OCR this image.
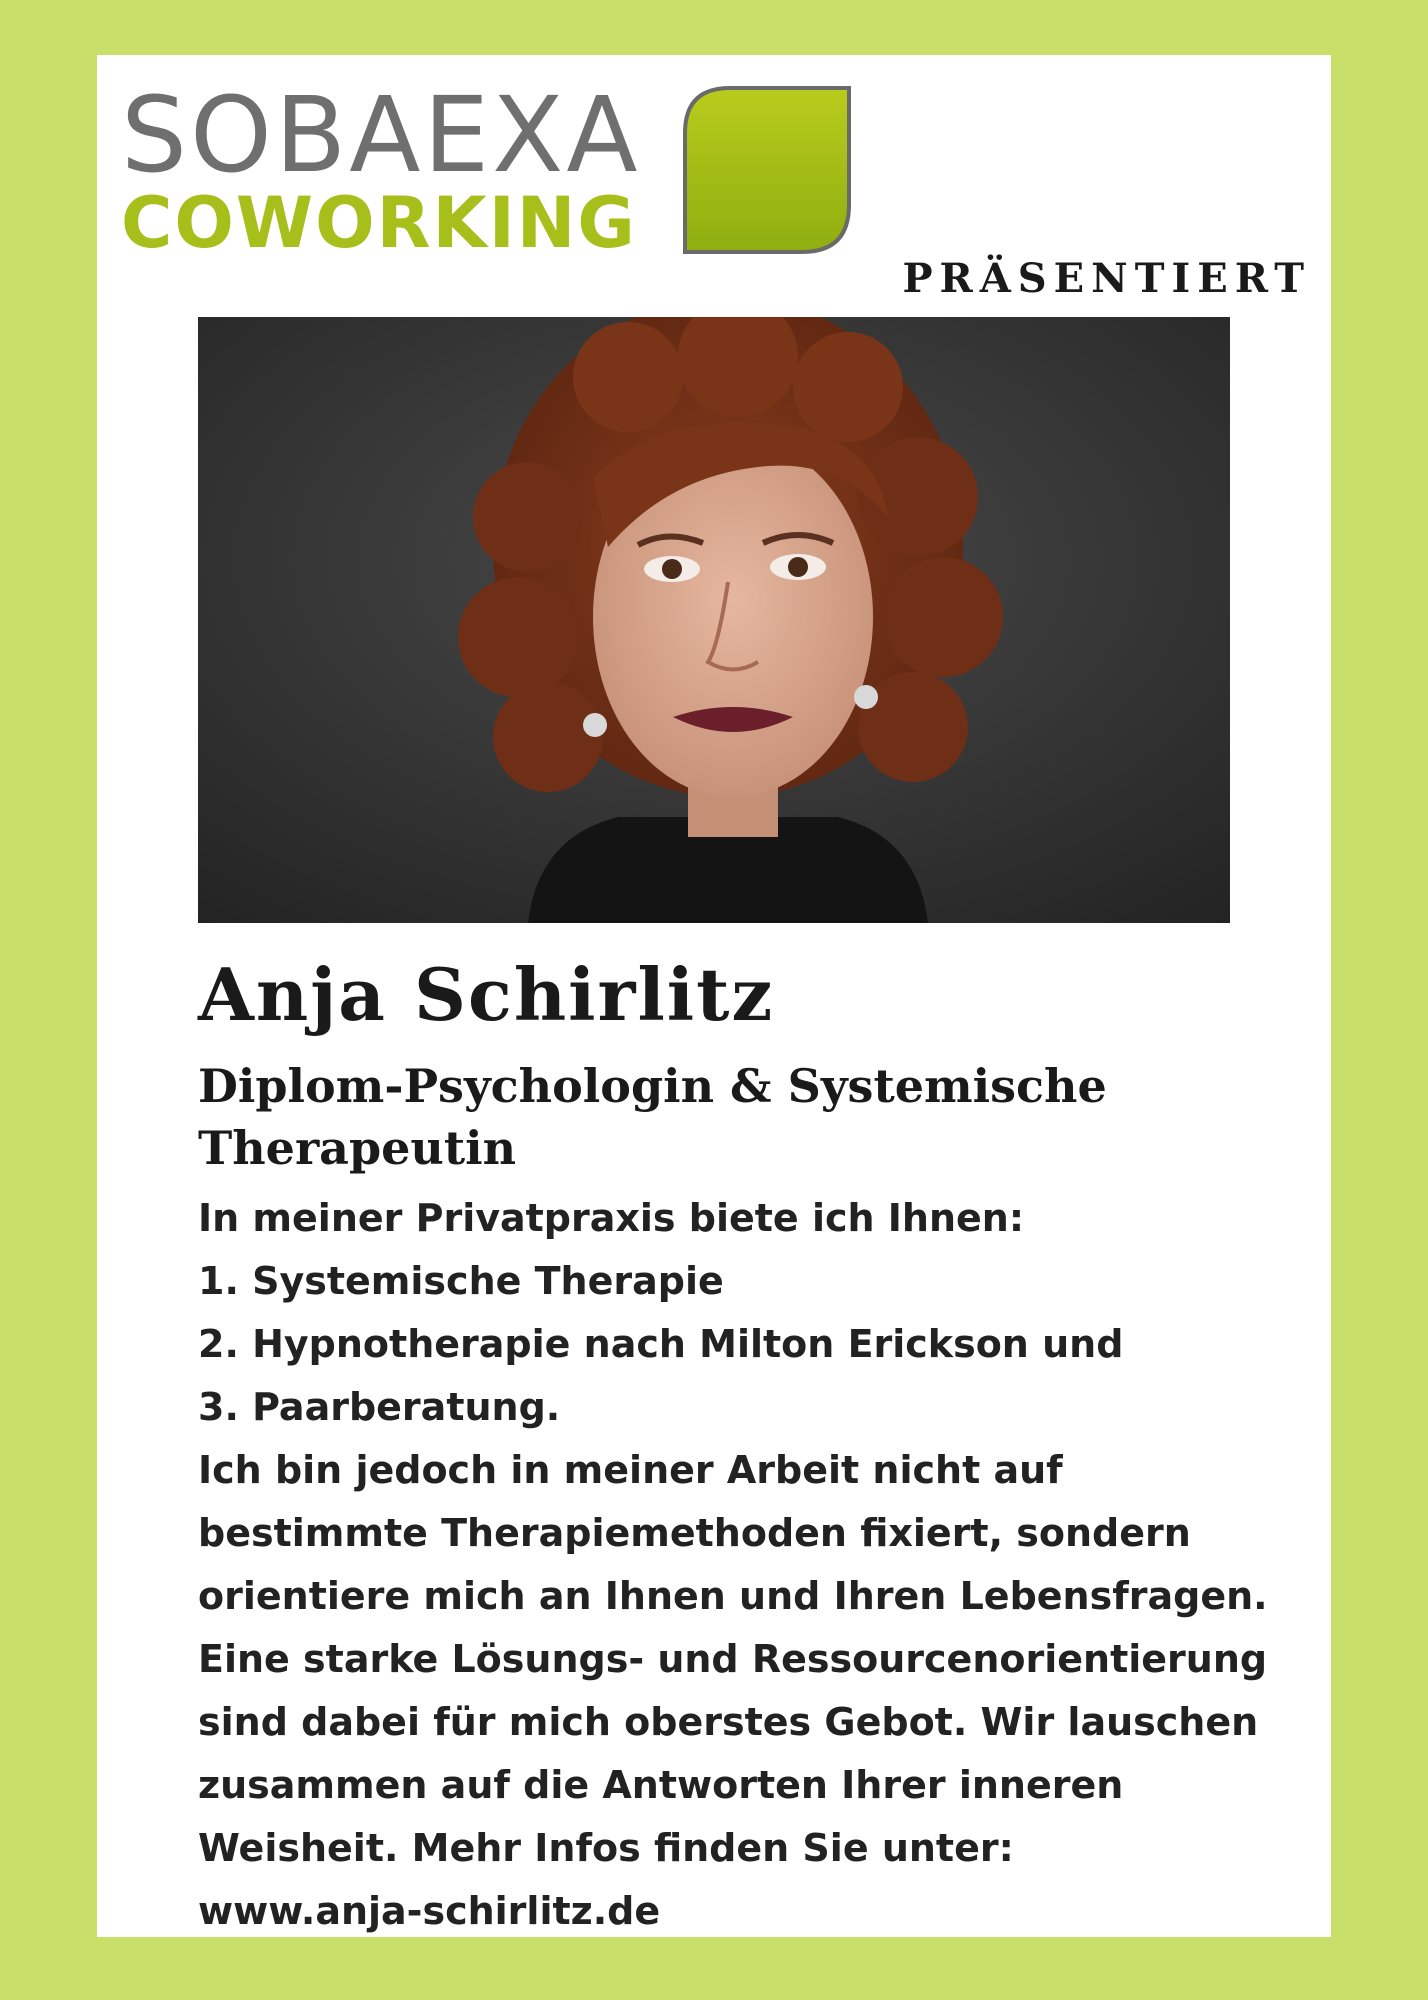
SOBAEXA
COWORKING
PRÄSENTIERT
Anja Schirlitz
Diplom-Psychologin & Systemische
Therapeutin
In meiner Privatpraxis biete ich Ihnen:
1. Systemische Therapie
2. Hypnotherapie nach Milton Erickson und
3. Paarberatung.
Ich bin jedoch in meiner Arbeit nicht auf
bestimmte Therapiemethoden fixiert, sondern
orientiere mich an Ihnen und Ihren Lebensfragen.
Eine starke Lösungs- und Ressourcenorientierung
sind dabei für mich oberstes Gebot. Wir lauschen
zusammen auf die Antworten Ihrer inneren
Weisheit. Mehr Infos finden Sie unter:
www.anja-schirlitz.de
